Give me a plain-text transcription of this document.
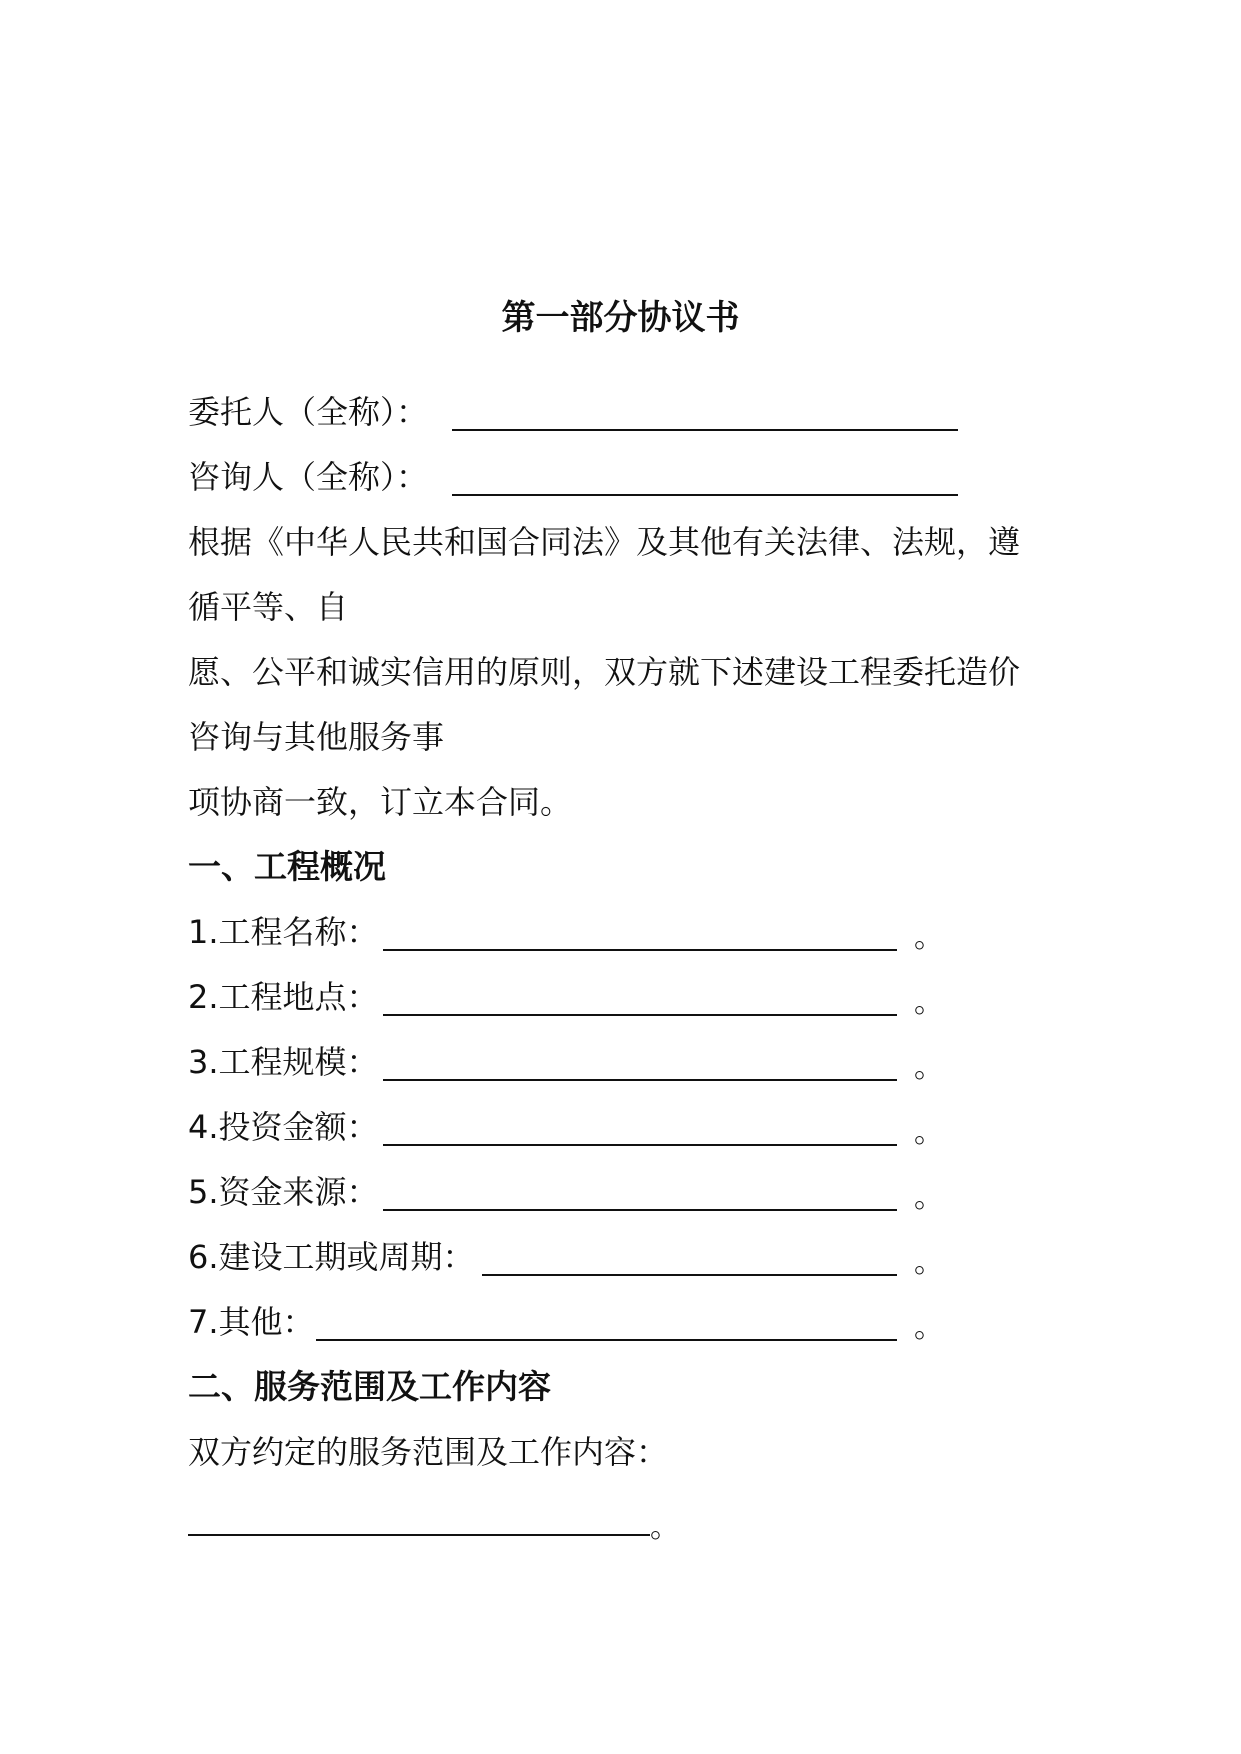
第一部分协议书
委托人（全称）：
咨询人（全称）：
根据《中华人民共和国合同法》及其他有关法律、法规，遵
循平等、自
愿、公平和诚实信用的原则，双方就下述建设工程委托造价
咨询与其他服务事
项协商一致，订立本合同。
一、工程概况
1.工程名称：	。
2.工程地点：	。
3.工程规模：	。
4.投资金额：	。
5.资金来源：	。
6.建设工期或周期：	。
7.其他：	。
二、服务范围及工作内容
双方约定的服务范围及工作内容：
。
